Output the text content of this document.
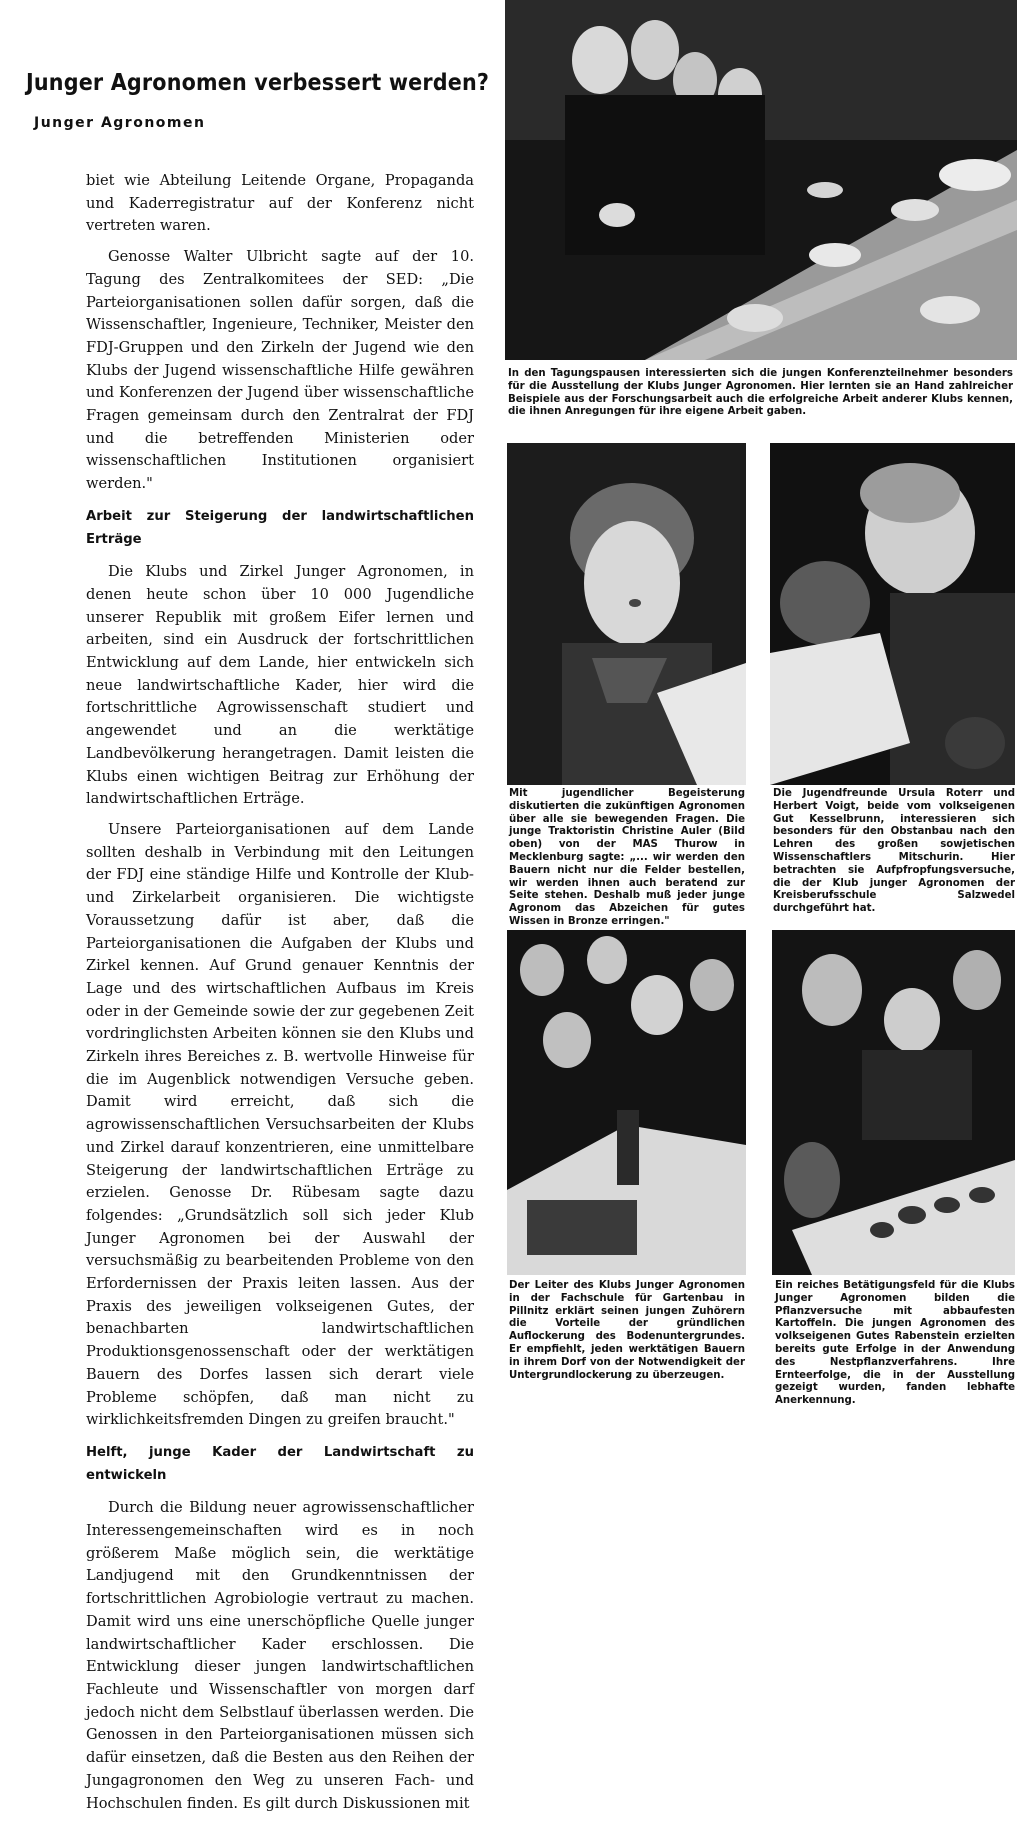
Junger Agronomen verbessert werden?
Junger Agronomen

biet wie Abteilung Leitende Organe, Propaganda und Kaderregistratur auf der Konferenz nicht vertreten waren.

Genosse Walter Ulbricht sagte auf der 10. Tagung des Zentralkomitees der SED: „Die Parteiorganisationen sollen dafür sorgen, daß die Wissenschaftler, Ingenieure, Techniker, Meister den FDJ-Gruppen und den Zirkeln der Jugend wie den Klubs der Jugend wissenschaftliche Hilfe gewähren und Konferenzen der Jugend über wissenschaftliche Fragen gemeinsam durch den Zentralrat der FDJ und die betreffenden Ministerien oder wissenschaftlichen Institutionen organisiert werden."

Arbeit zur Steigerung der landwirtschaftlichen Erträge

Die Klubs und Zirkel Junger Agronomen, in denen heute schon über 10 000 Jugendliche unserer Republik mit großem Eifer lernen und arbeiten, sind ein Ausdruck der fortschrittlichen Entwicklung auf dem Lande, hier entwickeln sich neue landwirtschaftliche Kader, hier wird die fortschrittliche Agrowissenschaft studiert und angewendet und an die werktätige Landbevölkerung herangetragen. Damit leisten die Klubs einen wichtigen Beitrag zur Erhöhung der landwirtschaftlichen Erträge.

Unsere Parteiorganisationen auf dem Lande sollten deshalb in Verbindung mit den Leitungen der FDJ eine ständige Hilfe und Kontrolle der Klub- und Zirkelarbeit organisieren. Die wichtigste Voraussetzung dafür ist aber, daß die Parteiorganisationen die Aufgaben der Klubs und Zirkel kennen. Auf Grund genauer Kenntnis der Lage und des wirtschaftlichen Aufbaus im Kreis oder in der Gemeinde sowie der zur gegebenen Zeit vordringlichsten Arbeiten können sie den Klubs und Zirkeln ihres Bereiches z. B. wertvolle Hinweise für die im Augenblick notwendigen Versuche geben. Damit wird erreicht, daß sich die agrowissenschaftlichen Versuchsarbeiten der Klubs und Zirkel darauf konzentrieren, eine unmittelbare Steigerung der landwirtschaftlichen Erträge zu erzielen. Genosse Dr. Rübesam sagte dazu folgendes: „Grundsätzlich soll sich jeder Klub Junger Agronomen bei der Auswahl der versuchsmäßig zu bearbeitenden Probleme von den Erfordernissen der Praxis leiten lassen. Aus der Praxis des jeweiligen volkseigenen Gutes, der benachbarten landwirtschaftlichen Produktionsgenossenschaft oder der werktätigen Bauern des Dorfes lassen sich derart viele Probleme schöpfen, daß man nicht zu wirklichkeitsfremden Dingen zu greifen braucht."

Helft, junge Kader der Landwirtschaft zu entwickeln

Durch die Bildung neuer agrowissenschaftlicher Interessengemeinschaften wird es in noch größerem Maße möglich sein, die werktätige Landjugend mit den Grundkenntnissen der fortschrittlichen Agrobiologie vertraut zu machen. Damit wird uns eine unerschöpfliche Quelle junger landwirtschaftlicher Kader erschlossen. Die Entwicklung dieser jungen landwirtschaftlichen Fachleute und Wissenschaftler von morgen darf jedoch nicht dem Selbstlauf überlassen werden. Die Genossen in den Parteiorganisationen müssen sich dafür einsetzen, daß die Besten aus den Reihen der Jungagronomen den Weg zu unseren Fach- und Hochschulen finden. Es gilt durch Diskussionen mit

In den Tagungspausen interessierten sich die jungen Konferenzteilnehmer besonders für die Ausstellung der Klubs Junger Agronomen. Hier lernten sie an Hand zahlreicher Beispiele aus der Forschungsarbeit auch die erfolgreiche Arbeit anderer Klubs kennen, die ihnen Anregungen für ihre eigene Arbeit gaben.
Mit jugendlicher Begeisterung diskutierten die zukünftigen Agronomen über alle sie bewegenden Fragen. Die junge Traktoristin Christine Auler (Bild oben) von der MAS Thurow in Mecklenburg sagte: „... wir werden den Bauern nicht nur die Felder bestellen, wir werden ihnen auch beratend zur Seite stehen. Deshalb muß jeder junge Agronom das Abzeichen für gutes Wissen in Bronze erringen."
Die Jugendfreunde Ursula Roterr und Herbert Voigt, beide vom volkseigenen Gut Kesselbrunn, interessieren sich besonders für den Obstanbau nach den Lehren des großen sowjetischen Wissenschaftlers Mitschurin. Hier betrachten sie Aufpfropfungsversuche, die der Klub junger Agronomen der Kreisberufsschule Salzwedel durchgeführt hat.
Der Leiter des Klubs Junger Agronomen in der Fachschule für Gartenbau in Pillnitz erklärt seinen jungen Zuhörern die Vorteile der gründlichen Auflockerung des Bodenuntergrundes. Er empfiehlt, jeden werktätigen Bauern in ihrem Dorf von der Notwendigkeit der Untergrundlockerung zu überzeugen.
Ein reiches Betätigungsfeld für die Klubs Junger Agronomen bilden die Pflanzversuche mit abbaufesten Kartoffeln. Die jungen Agronomen des volkseigenen Gutes Rabenstein erzielten bereits gute Erfolge in der Anwendung des Nestpflanzverfahrens. Ihre Ernteerfolge, die in der Ausstellung gezeigt wurden, fanden lebhafte Anerkennung.
